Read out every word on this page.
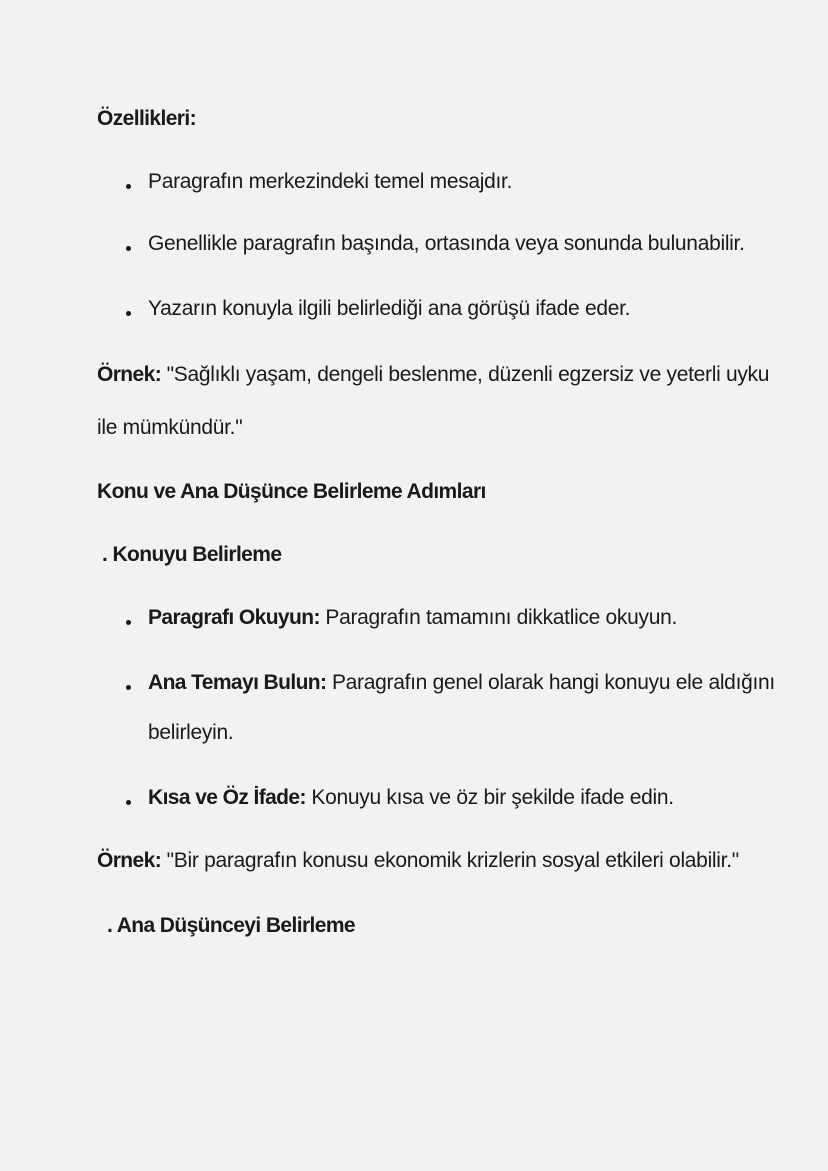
Özellikleri:
Paragrafın merkezindeki temel mesajdır.
Genellikle paragrafın başında, ortasında veya sonunda bulunabilir.
Yazarın konuyla ilgili belirlediği ana görüşü ifade eder.
Örnek: "Sağlıklı yaşam, dengeli beslenme, düzenli egzersiz ve yeterli uyku
ile mümkündür."
Konu ve Ana Düşünce Belirleme Adımları
. Konuyu Belirleme
Paragrafı Okuyun: Paragrafın tamamını dikkatlice okuyun.
Ana Temayı Bulun: Paragrafın genel olarak hangi konuyu ele aldığını
belirleyin.
Kısa ve Öz İfade: Konuyu kısa ve öz bir şekilde ifade edin.
Örnek: "Bir paragrafın konusu ekonomik krizlerin sosyal etkileri olabilir."
. Ana Düşünceyi Belirleme
